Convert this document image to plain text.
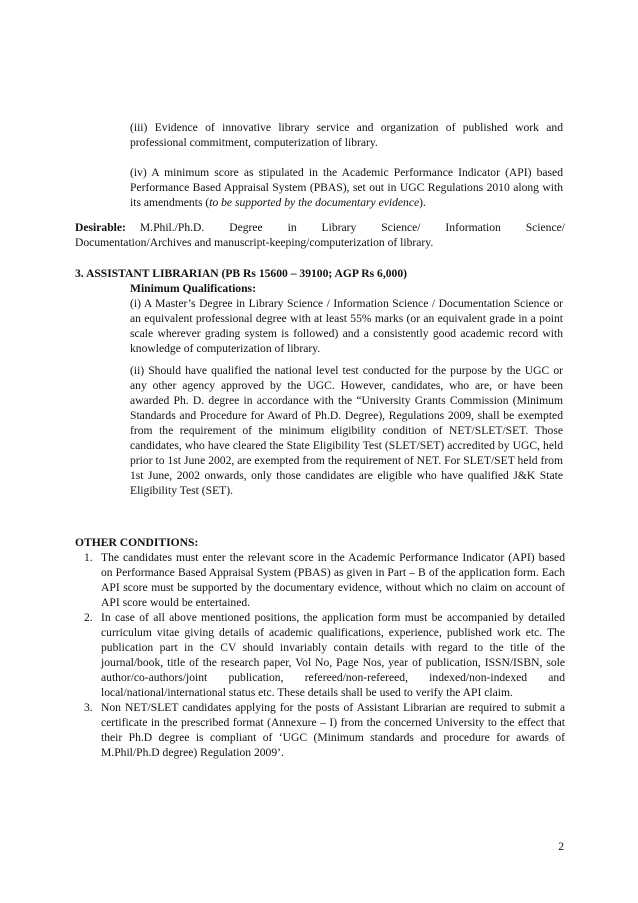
(iii) Evidence of innovative library service and organization of published work and professional commitment, computerization of library.
(iv) A minimum score as stipulated in the Academic Performance Indicator (API) based Performance Based Appraisal System (PBAS), set out in UGC Regulations 2010 along with its amendments (to be supported by the documentary evidence).
Desirable: M.Phil./Ph.D. Degree in Library Science/ Information Science/
Documentation/Archives and manuscript-keeping/computerization of library.
3. ASSISTANT LIBRARIAN (PB Rs 15600 – 39100; AGP Rs 6,000)
Minimum Qualifications:
(i) A Master’s Degree in Library Science / Information Science / Documentation Science or an equivalent professional degree with at least 55% marks (or an equivalent grade in a point scale wherever grading system is followed) and a consistently good academic record with knowledge of computerization of library.
(ii) Should have qualified the national level test conducted for the purpose by the UGC or any other agency approved by the UGC. However, candidates, who are, or have been awarded Ph. D. degree in accordance with the “University Grants Commission (Minimum Standards and Procedure for Award of Ph.D. Degree), Regulations 2009, shall be exempted from the requirement of the minimum eligibility condition of NET/SLET/SET. Those candidates, who have cleared the State Eligibility Test (SLET/SET) accredited by UGC, held prior to 1st June 2002, are exempted from the requirement of NET. For SLET/SET held from 1st June, 2002 onwards, only those candidates are eligible who have qualified J&K State Eligibility Test (SET).
OTHER CONDITIONS:
1. The candidates must enter the relevant score in the Academic Performance Indicator (API) based on Performance Based Appraisal System (PBAS) as given in Part – B of the application form. Each API score must be supported by the documentary evidence, without which no claim on account of API score would be entertained.
2. In case of all above mentioned positions, the application form must be accompanied by detailed curriculum vitae giving details of academic qualifications, experience, published work etc. The publication part in the CV should invariably contain details with regard to the title of the journal/book, title of the research paper, Vol No, Page Nos, year of publication, ISSN/ISBN, sole author/co-authors/joint publication, refereed/non-refereed, indexed/non-indexed and local/national/international status etc. These details shall be used to verify the API claim.
3. Non NET/SLET candidates applying for the posts of Assistant Librarian are required to submit a certificate in the prescribed format (Annexure – I) from the concerned University to the effect that their Ph.D degree is compliant of ‘UGC (Minimum standards and procedure for awards of M.Phil/Ph.D degree) Regulation 2009’.
2
